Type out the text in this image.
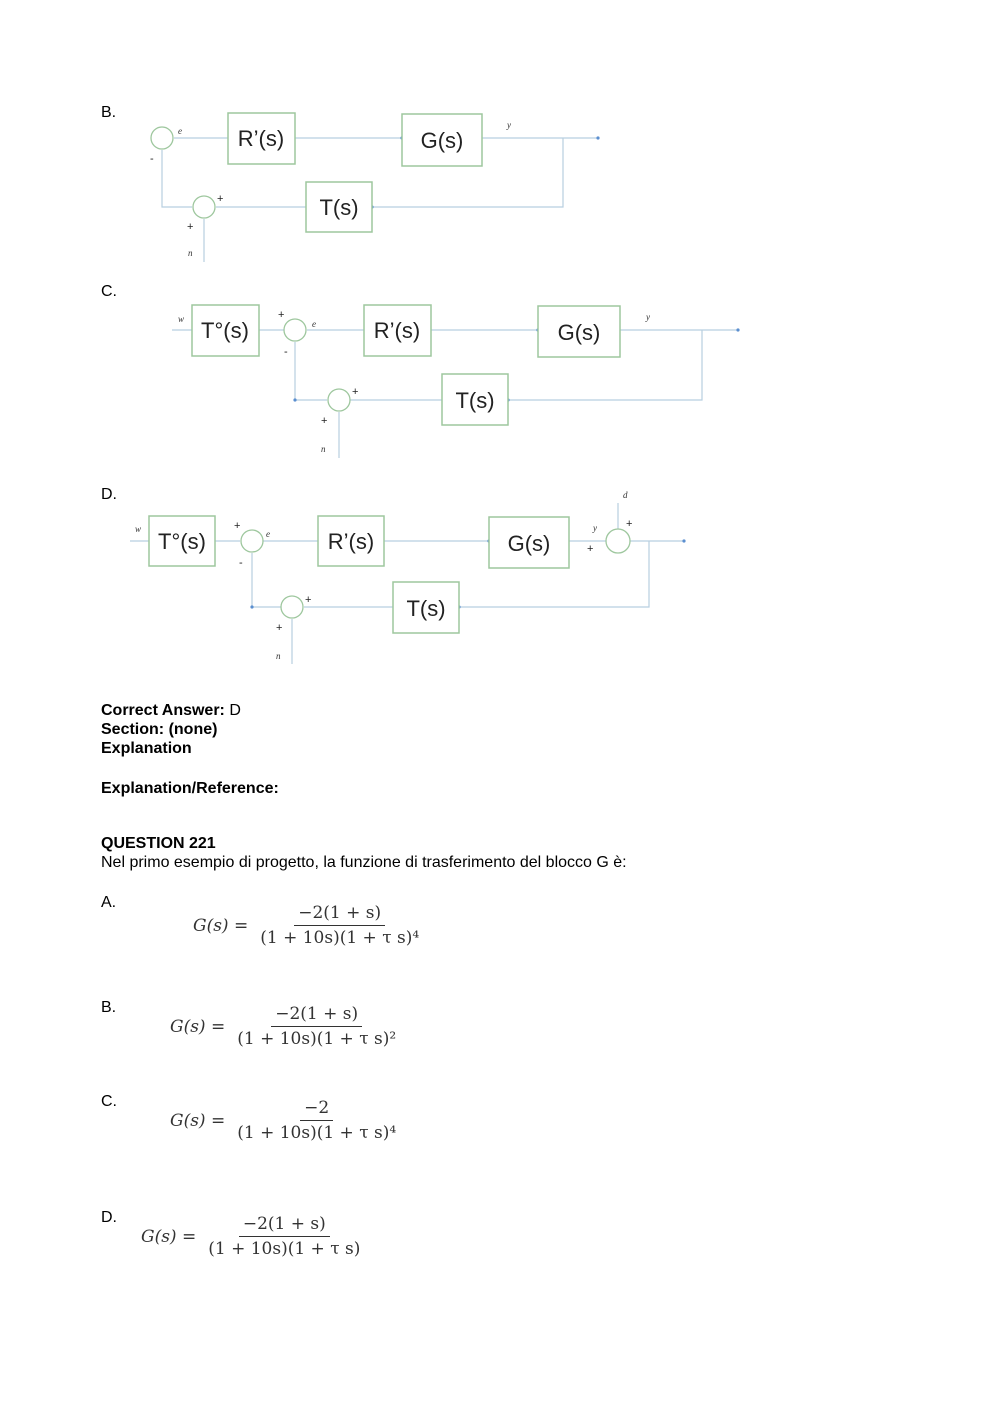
B.
C.
D.
R’(s)	G(s)
T(s)
e
y
n
-
+
+
T°(s)	R’(s)	G(s)
T(s)
w	e
y
n
+
-
+
+
T°(s)	R’(s)	G(s)
T(s)
w	e
y
d
n
+
-
+
+
+
+
Correct Answer: D
Section: (none)
Explanation
Explanation/Reference:
QUESTION 221
Nel primo esempio di progetto, la funzione di trasferimento del blocco G è:
A.
$G(s) = \frac{-2(1 + s)}{\text{(1 + 10s)(1 + τ s)⁴}}$
B.
$G(s) = \frac{-2(1 + s)}{\text{(1 + 10s)(1 + τ s)²}}$
C.
$G(s) = \frac{-2}{\text{(1 + 10s)(1 + τ s)⁴}}$
D.
$G(s) = \frac{-2(1 + s)}{\text{(1 + 10s)(1 + τ s)}}$
